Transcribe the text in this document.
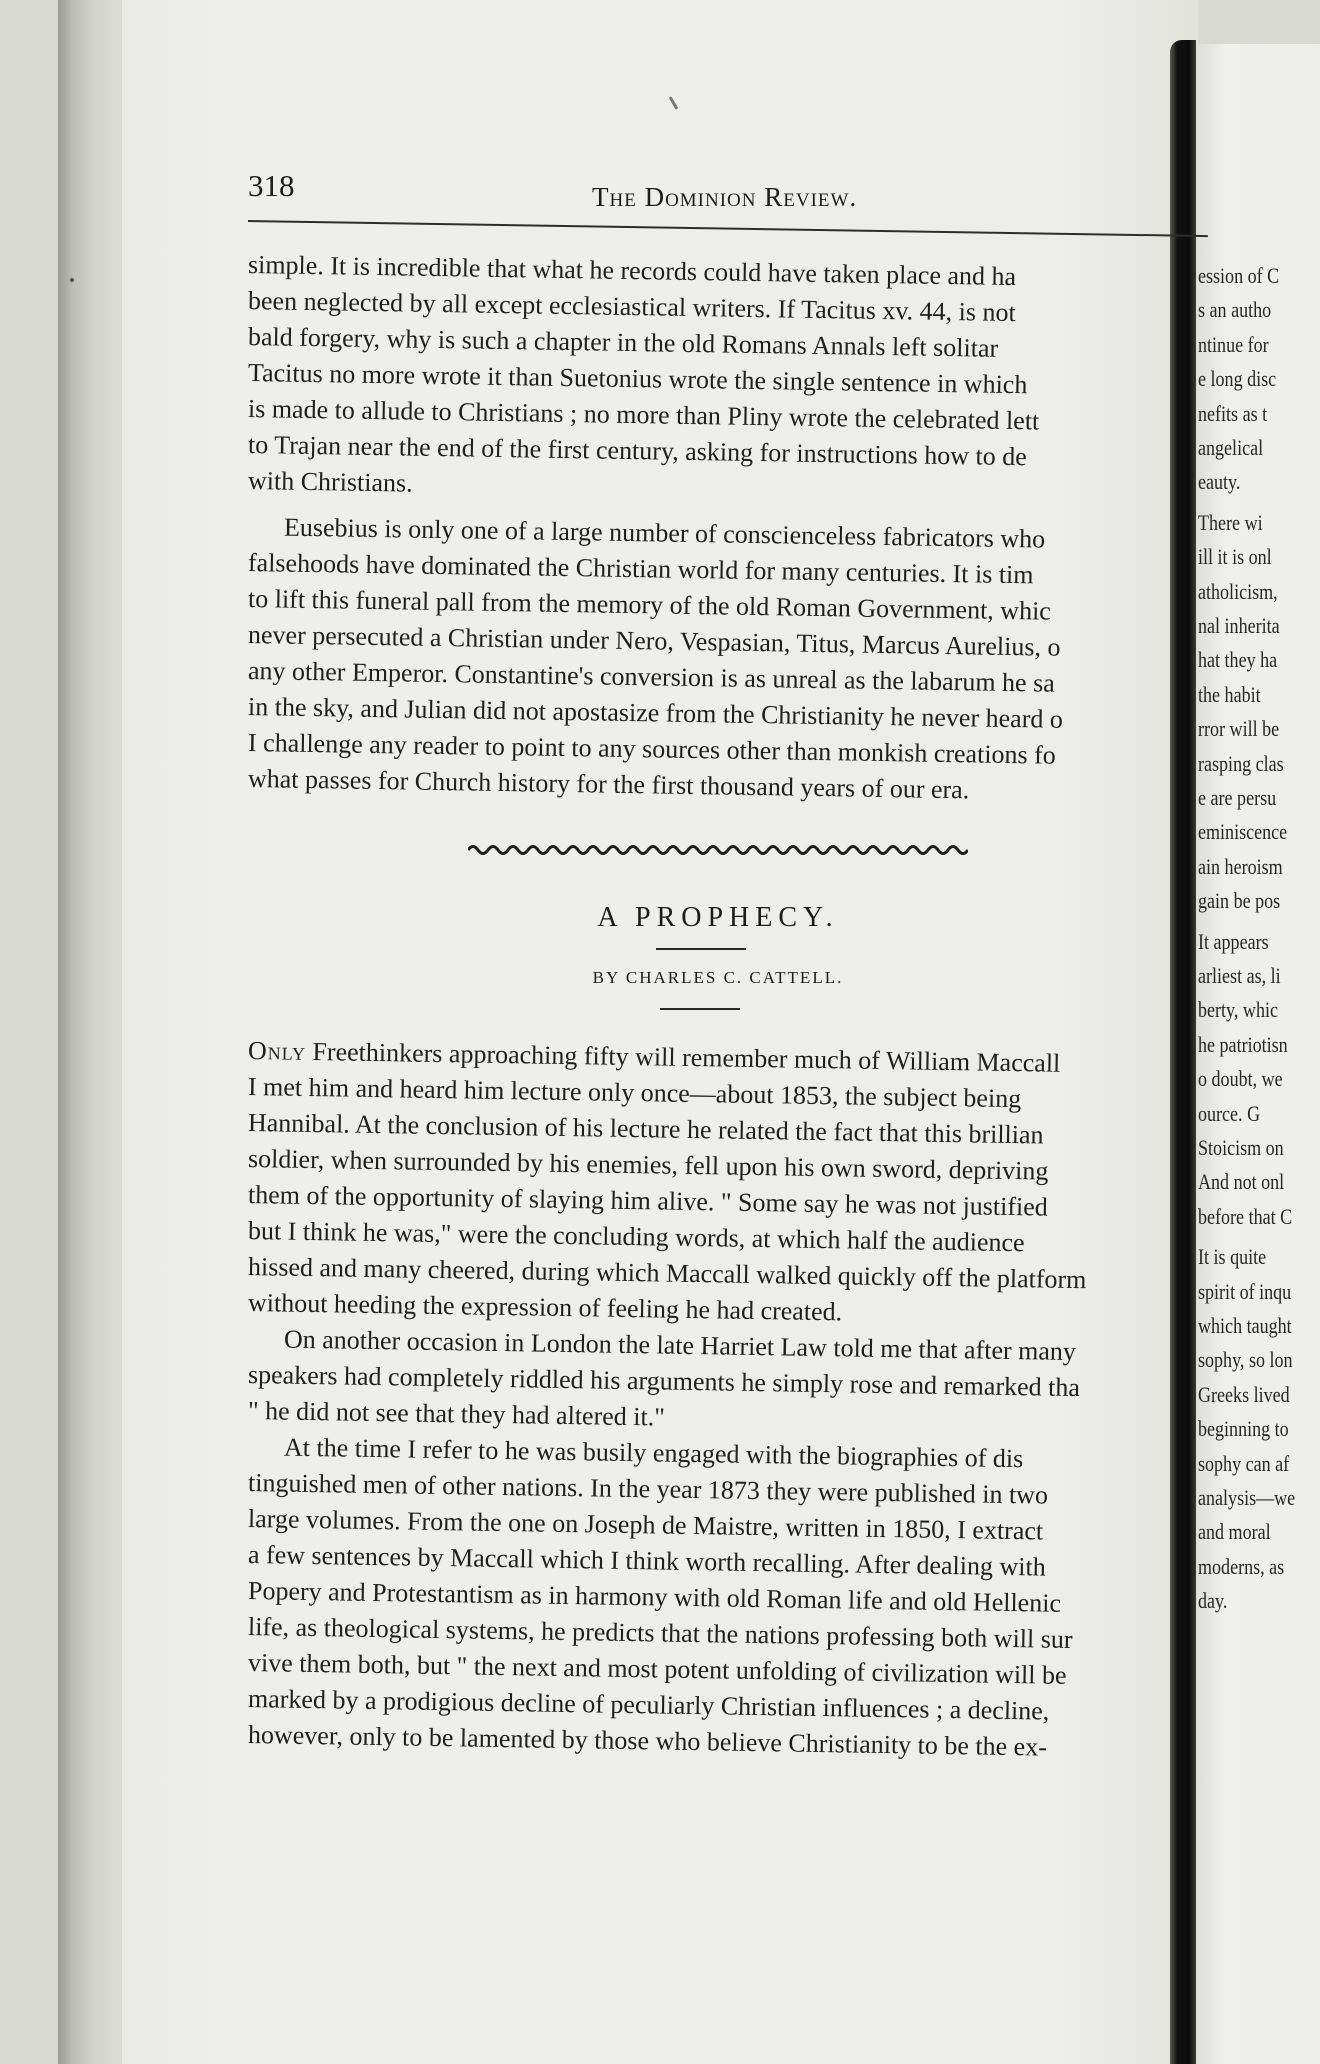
ession of C
s an autho
ntinue for
e long disc
nefits as t
angelical
eauty.
There wi
ill it is onl
atholicism,
nal inherita
hat they ha
the habit
rror will be
rasping clas
e are persu
eminiscence
ain heroism
gain be pos
It appears
arliest as, li
berty, whic
he patriotisn
o doubt, we
ource. G
Stoicism on
And not onl
before that C
It is quite
spirit of inqu
which taught
sophy, so lon
Greeks lived
beginning to
sophy can af
analysis—we
and moral
moderns, as
day.
318	The Dominion Review.
simple. It is incredible that what he records could have taken place and ha
been neglected by all except ecclesiastical writers. If Tacitus xv. 44, is not
bald forgery, why is such a chapter in the old Romans Annals left solitar
Tacitus no more wrote it than Suetonius wrote the single sentence in which
is made to allude to Christians ; no more than Pliny wrote the celebrated lett
to Trajan near the end of the first century, asking for instructions how to de
with Christians.
Eusebius is only one of a large number of conscienceless fabricators who
falsehoods have dominated the Christian world for many centuries. It is tim
to lift this funeral pall from the memory of the old Roman Government, whic
never persecuted a Christian under Nero, Vespasian, Titus, Marcus Aurelius, o
any other Emperor. Constantine's conversion is as unreal as the labarum he sa
in the sky, and Julian did not apostasize from the Christianity he never heard o
I challenge any reader to point to any sources other than monkish creations fo
what passes for Church history for the first thousand years of our era.
A PROPHECY.
BY CHARLES C. CATTELL.
Only Freethinkers approaching fifty will remember much of William Maccall
I met him and heard him lecture only once—about 1853, the subject being
Hannibal. At the conclusion of his lecture he related the fact that this brillian
soldier, when surrounded by his enemies, fell upon his own sword, depriving
them of the opportunity of slaying him alive. " Some say he was not justified
but I think he was," were the concluding words, at which half the audience
hissed and many cheered, during which Maccall walked quickly off the platform
without heeding the expression of feeling he had created.
On another occasion in London the late Harriet Law told me that after many
speakers had completely riddled his arguments he simply rose and remarked tha
" he did not see that they had altered it."
At the time I refer to he was busily engaged with the biographies of dis
tinguished men of other nations. In the year 1873 they were published in two
large volumes. From the one on Joseph de Maistre, written in 1850, I extract
a few sentences by Maccall which I think worth recalling. After dealing with
Popery and Protestantism as in harmony with old Roman life and old Hellenic
life, as theological systems, he predicts that the nations professing both will sur
vive them both, but " the next and most potent unfolding of civilization will be
marked by a prodigious decline of peculiarly Christian influences ; a decline,
however, only to be lamented by those who believe Christianity to be the ex-
